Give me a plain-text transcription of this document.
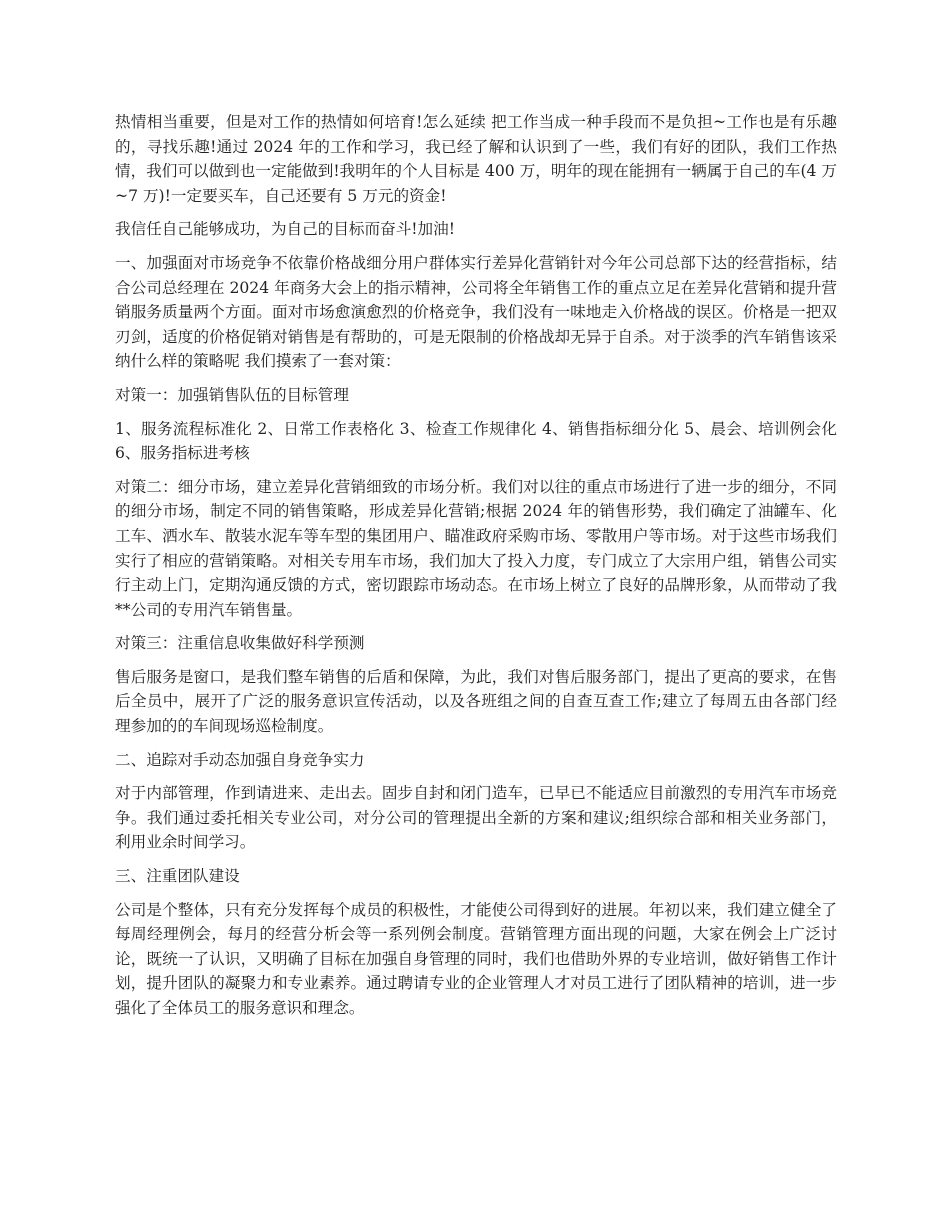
热情相当重要，但是对工作的热情如何培育!怎么延续 把工作当成一种手段而不是负担~工作也是有乐趣的，寻找乐趣!通过 2024 年的工作和学习，我已经了解和认识到了一些，我们有好的团队，我们工作热情，我们可以做到也一定能做到!我明年的个人目标是 400 万，明年的现在能拥有一辆属于自己的车(4 万~7 万)!一定要买车，自己还要有 5 万元的资金!

我信任自己能够成功，为自己的目标而奋斗!加油!

一、加强面对市场竞争不依靠价格战细分用户群体实行差异化营销针对今年公司总部下达的经营指标，结合公司总经理在 2024 年商务大会上的指示精神，公司将全年销售工作的重点立足在差异化营销和提升营销服务质量两个方面。面对市场愈演愈烈的价格竞争，我们没有一味地走入价格战的误区。价格是一把双刃剑，适度的价格促销对销售是有帮助的，可是无限制的价格战却无异于自杀。对于淡季的汽车销售该采纳什么样的策略呢 我们摸索了一套对策：

对策一：加强销售队伍的目标管理

1、服务流程标准化 2、日常工作表格化 3、检查工作规律化 4、销售指标细分化 5、晨会、培训例会化 6、服务指标进考核

对策二：细分市场，建立差异化营销细致的市场分析。我们对以往的重点市场进行了进一步的细分，不同的细分市场，制定不同的销售策略，形成差异化营销;根据 2024 年的销售形势，我们确定了油罐车、化工车、洒水车、散装水泥车等车型的集团用户、瞄准政府采购市场、零散用户等市场。对于这些市场我们实行了相应的营销策略。对相关专用车市场，我们加大了投入力度，专门成立了大宗用户组，销售公司实行主动上门，定期沟通反馈的方式，密切跟踪市场动态。在市场上树立了良好的品牌形象，从而带动了我**公司的专用汽车销售量。

对策三：注重信息收集做好科学预测

售后服务是窗口，是我们整车销售的后盾和保障，为此，我们对售后服务部门，提出了更高的要求，在售后全员中，展开了广泛的服务意识宣传活动，以及各班组之间的自查互查工作;建立了每周五由各部门经理参加的的车间现场巡检制度。

二、追踪对手动态加强自身竞争实力

对于内部管理，作到请进来、走出去。固步自封和闭门造车，已早已不能适应目前激烈的专用汽车市场竞争。我们通过委托相关专业公司，对分公司的管理提出全新的方案和建议;组织综合部和相关业务部门，利用业余时间学习。

三、注重团队建设

公司是个整体，只有充分发挥每个成员的积极性，才能使公司得到好的进展。年初以来，我们建立健全了每周经理例会，每月的经营分析会等一系列例会制度。营销管理方面出现的问题，大家在例会上广泛讨论，既统一了认识，又明确了目标在加强自身管理的同时，我们也借助外界的专业培训，做好销售工作计划，提升团队的凝聚力和专业素养。通过聘请专业的企业管理人才对员工进行了团队精神的培训，进一步强化了全体员工的服务意识和理念。
